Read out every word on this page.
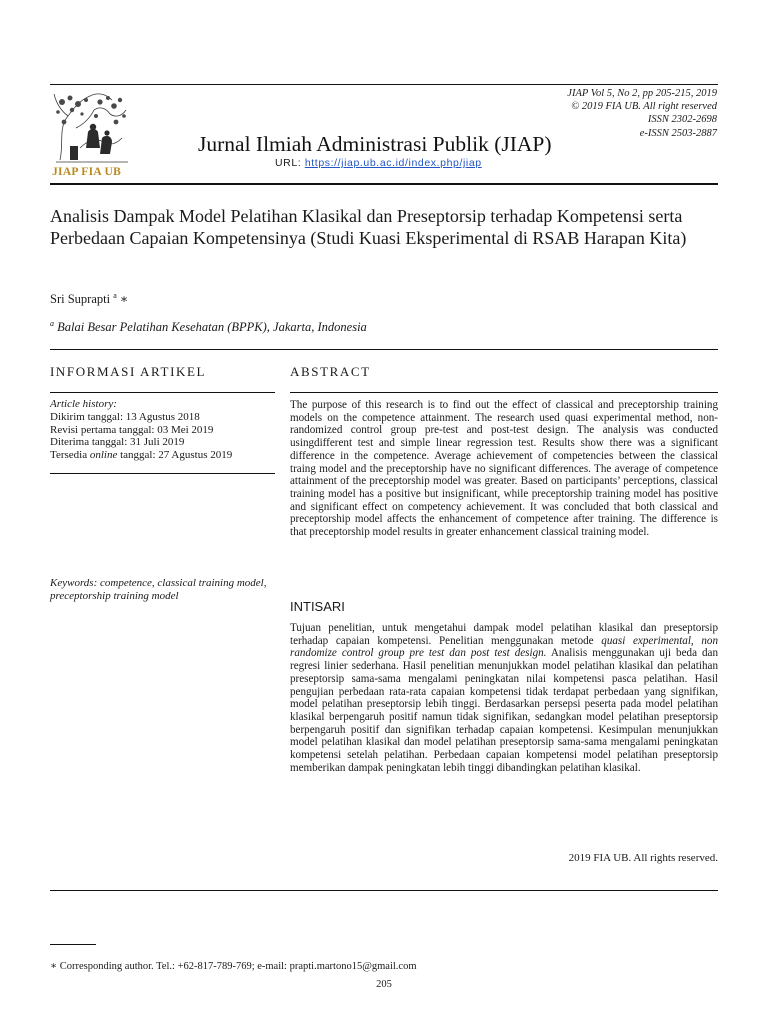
JIAP FIA UB
JIAP Vol 5, No 2, pp 205-215, 2019
© 2019 FIA UB. All right reserved
ISSN 2302-2698
e-ISSN 2503-2887
Jurnal Ilmiah Administrasi Publik (JIAP)
URL: https://jiap.ub.ac.id/index.php/jiap
Analisis Dampak Model Pelatihan Klasikal dan Preseptorsip terhadap Kompetensi serta Perbedaan Capaian Kompetensinya (Studi Kuasi Eksperimental di RSAB Harapan Kita)
Sri Suprapti $^a$ ∗
$^a$ Balai Besar Pelatihan Kesehatan (BPPK), Jakarta, Indonesia
INFORMASI ARTIKEL	ABSTRACT
Article history:
Dikirim tanggal: 13 Agustus 2018
Revisi pertama tanggal: 03 Mei 2019
Diterima tanggal: 31 Juli 2019
Tersedia online tanggal: 27 Agustus 2019
Keywords: competence, classical training model, preceptorship training model
The purpose of this research is to find out the effect of classical and preceptorship training models on the competence attainment. The research used quasi experimental method, non-randomized control group pre-test and post-test design. The analysis was conducted usingdifferent test and simple linear regression test. Results show there was a significant difference in the competence. Average achievement of competencies between the classical traing model and the preceptorship have no significant differences. The average of competence attainment of the preceptorship model was greater. Based on participants’ perceptions, classical training model has a positive but insignificant, while preceptorship training model has positive and significant effect on competency achievement. It was concluded that both classical and preceptorship model affects the enhancement of competence after training. The difference is that preceptorship model results in greater enhancement classical training model.
INTISARI
Tujuan penelitian, untuk mengetahui dampak model pelatihan klasikal dan preseptorsip terhadap capaian kompetensi. Penelitian menggunakan metode quasi experimental, non randomize control group pre test dan post test design. Analisis menggunakan uji beda dan regresi linier sederhana. Hasil penelitian menunjukkan model pelatihan klasikal dan pelatihan preseptorsip sama-sama mengalami peningkatan nilai kompetensi pasca pelatihan. Hasil pengujian perbedaan rata-rata capaian kompetensi tidak terdapat perbedaan yang signifikan, model pelatihan preseptorsip lebih tinggi. Berdasarkan persepsi peserta pada model pelatihan klasikal berpengaruh positif namun tidak signifikan, sedangkan model pelatihan preseptorsip berpengaruh positif dan signifikan terhadap capaian kompetensi. Kesimpulan menunjukkan model pelatihan klasikal dan model pelatihan preseptorsip sama-sama mengalami peningkatan kompetensi setelah pelatihan. Perbedaan capaian kompetensi model pelatihan preseptorsip memberikan dampak peningkatan lebih tinggi dibandingkan pelatihan klasikal.
2019 FIA UB. All rights reserved.
∗ Corresponding author. Tel.: +62-817-789-769; e-mail: prapti.martono15@gmail.com
205
